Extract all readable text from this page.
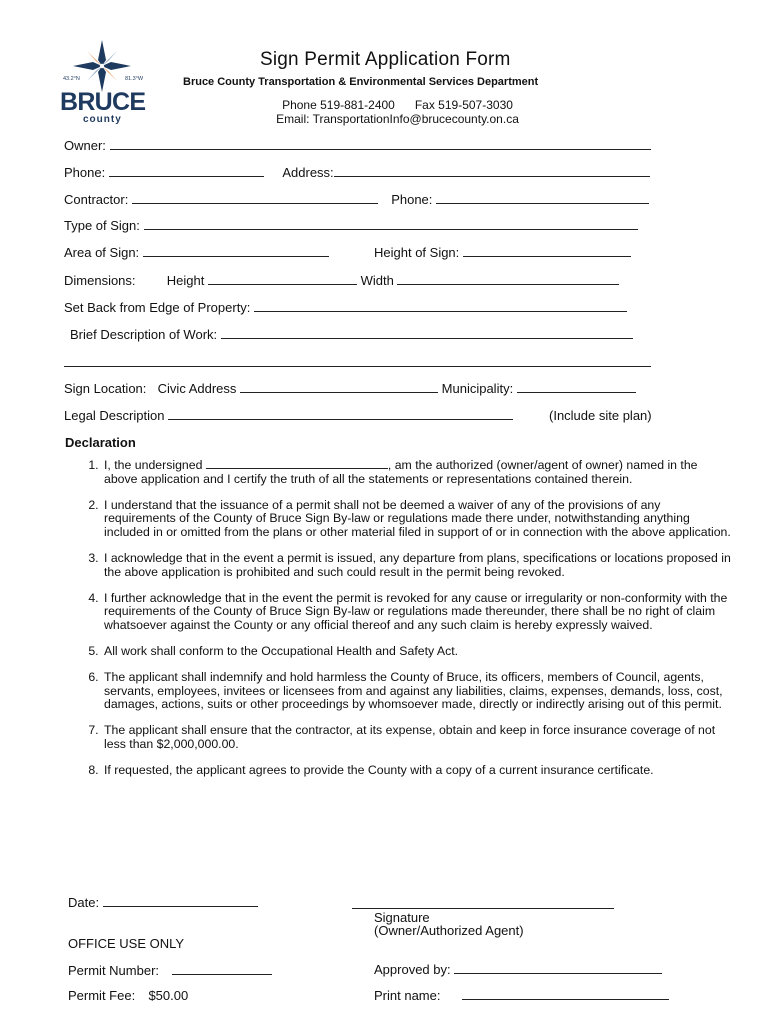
43.2°N	81.3°W
BRUCE
county
Sign Permit Application Form
Bruce County Transportation & Environmental Services Department
Phone 519-881-2400      Fax 519-507-3030
Email: TransportationInfo@brucecounty.on.ca
Owner:
Phone:	Address:
Contractor:	Phone:
Type of Sign:
Area of Sign:	Height of Sign:
Dimensions: Height	Width
Set Back from Edge of Property:
Brief Description of Work:
Sign Location: Civic Address	Municipality:
Legal Description	(Include site plan)
Declaration
1. I, the undersigned	, am the authorized (owner/agent of owner) named in the above application and I certify the truth of all the statements or representations contained therein.
2. I understand that the issuance of a permit shall not be deemed a waiver of any of the provisions of any requirements of the County of Bruce Sign By-law or regulations made there under, notwithstanding anything included in or omitted from the plans or other material filed in support of or in connection with the above application.
3. I acknowledge that in the event a permit is issued, any departure from plans, specifications or locations proposed in the above application is prohibited and such could result in the permit being revoked.
4. I further acknowledge that in the event the permit is revoked for any cause or irregularity or non-conformity with the requirements of the County of Bruce Sign By-law or regulations made thereunder, there shall be no right of claim whatsoever against the County or any official thereof and any such claim is hereby expressly waived.
5. All work shall conform to the Occupational Health and Safety Act.
6. The applicant shall indemnify and hold harmless the County of Bruce, its officers, members of Council, agents, servants, employees, invitees or licensees from and against any liabilities, claims, expenses, demands, loss, cost, damages, actions, suits or other proceedings by whomsoever made, directly or indirectly arising out of this permit.
7. The applicant shall ensure that the contractor, at its expense, obtain and keep in force insurance coverage of not less than $2,000,000.00.
8. If requested, the applicant agrees to provide the County with a copy of a current insurance certificate.
Date:
Signature
(Owner/Authorized Agent)
OFFICE USE ONLY
Permit Number:	Approved by:
Permit Fee: $50.00	Print name:
